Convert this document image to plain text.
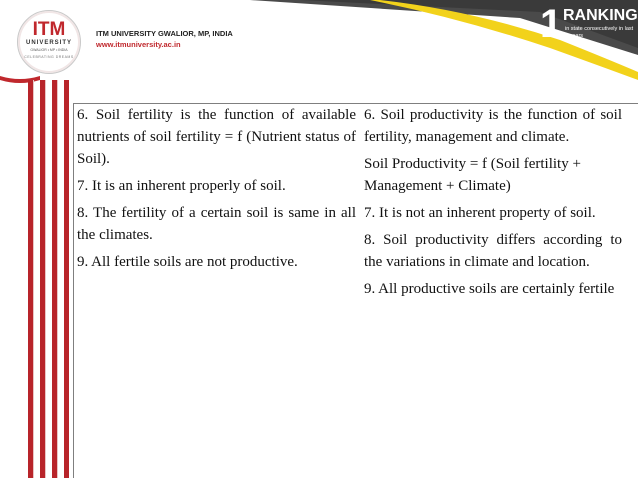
ITM
UNIVERSITY
GWALIOR • MP • INDIA
CELEBRATING DREAMS
ITM UNIVERSITY GWALIOR, MP, INDIA
www.itmuniversity.ac.in	1 RANKING
in state consecutively in last
5 years

6. Soil fertility is the function of available nutrients of soil fertility = f (Nutrient status of Soil).

7. It is an inherent properly of soil.

8. The fertility of a certain soil is same in all the climates.

9. All fertile soils are not productive.

6. Soil productivity is the function of soil fertility, management and climate.

Soil Productivity = f (Soil fertility + Management + Climate)

7. It is not an inherent property of soil.

8. Soil productivity differs according to the variations in climate and location.

9. All productive soils are certainly fertile
